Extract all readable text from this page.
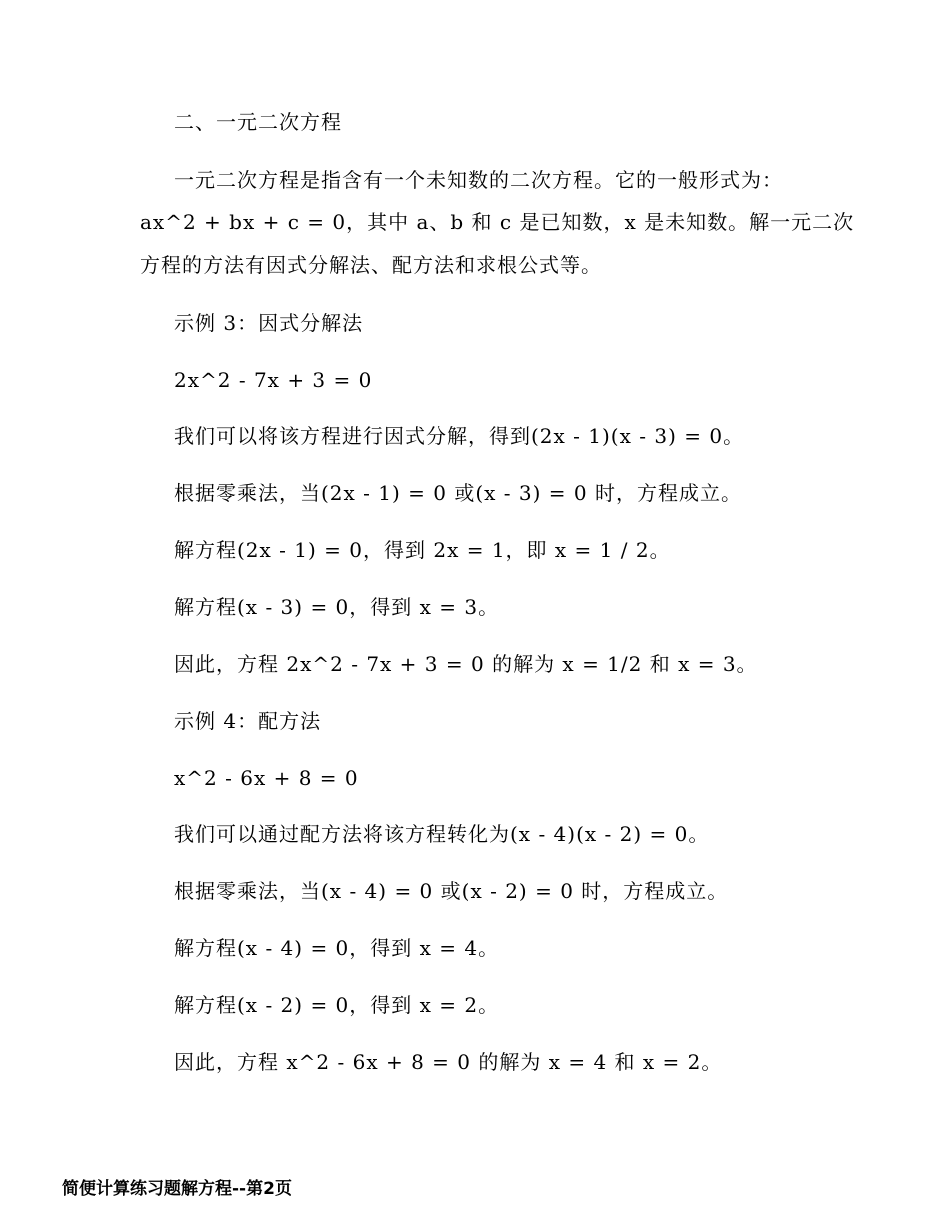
二、一元二次方程
一元二次方程是指含有一个未知数的二次方程。它的一般形式为：
ax^2 + bx + c = 0，其中 a、b 和 c 是已知数，x 是未知数。解一元二次
方程的方法有因式分解法、配方法和求根公式等。
示例 3：因式分解法
2x^2 - 7x + 3 = 0
我们可以将该方程进行因式分解，得到(2x - 1)(x - 3) = 0。
根据零乘法，当(2x - 1) = 0 或(x - 3) = 0 时，方程成立。
解方程(2x - 1) = 0，得到 2x = 1，即 x = 1 / 2。
解方程(x - 3) = 0，得到 x = 3。
因此，方程 2x^2 - 7x + 3 = 0 的解为 x = 1/2 和 x = 3。
示例 4：配方法
x^2 - 6x + 8 = 0
我们可以通过配方法将该方程转化为(x - 4)(x - 2) = 0。
根据零乘法，当(x - 4) = 0 或(x - 2) = 0 时，方程成立。
解方程(x - 4) = 0，得到 x = 4。
解方程(x - 2) = 0，得到 x = 2。
因此，方程 x^2 - 6x + 8 = 0 的解为 x = 4 和 x = 2。
简便计算练习题解方程--第2页
